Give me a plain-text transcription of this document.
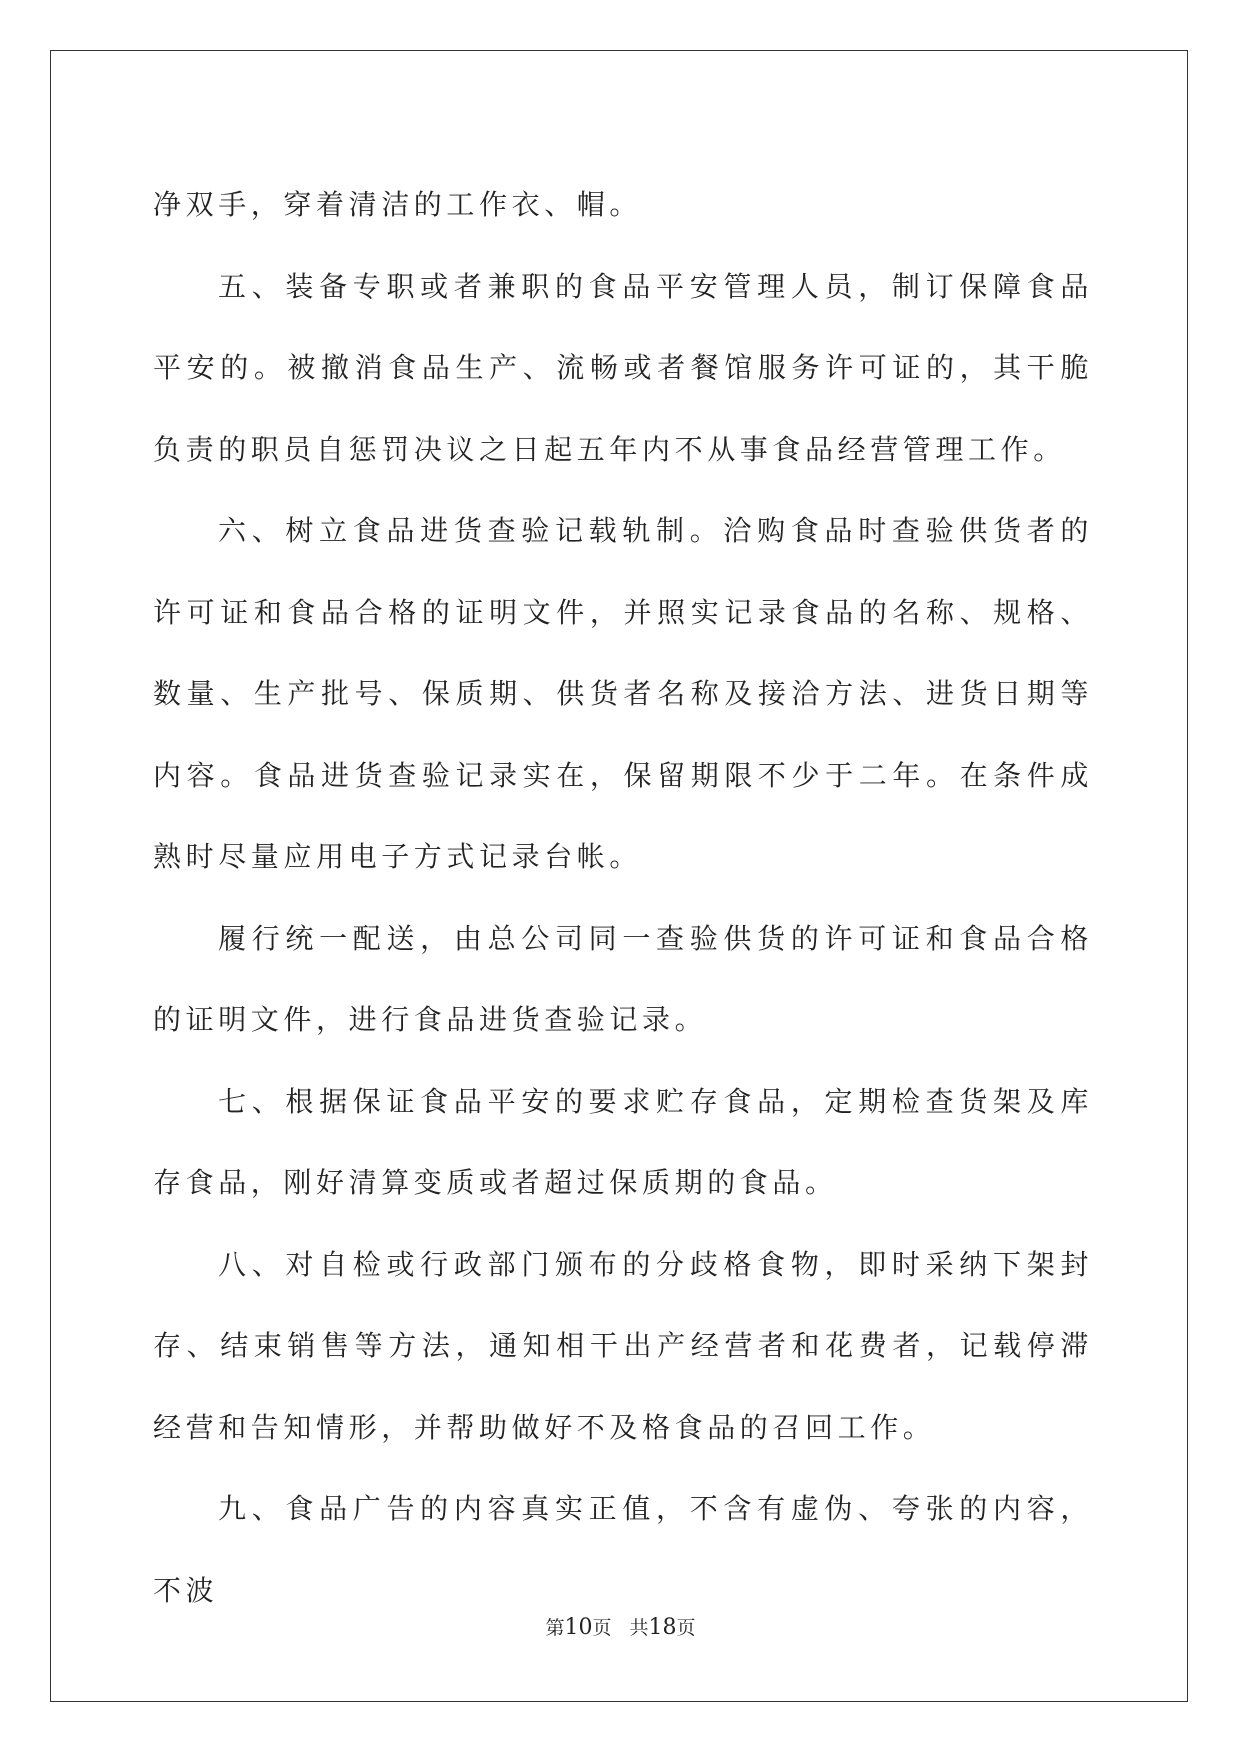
净双手，穿着清洁的工作衣、帽。

五、装备专职或者兼职的食品平安管理人员，制订保障食品平安的。被撤消食品生产、流畅或者餐馆服务许可证的，其干脆负责的职员自惩罚决议之日起五年内不从事食品经营管理工作。

六、树立食品进货查验记载轨制。洽购食品时查验供货者的许可证和食品合格的证明文件，并照实记录食品的名称、规格、数量、生产批号、保质期、供货者名称及接洽方法、进货日期等内容。食品进货查验记录实在，保留期限不少于二年。在条件成熟时尽量应用电子方式记录台帐。

履行统一配送，由总公司同一查验供货的许可证和食品合格的证明文件，进行食品进货查验记录。

七、根据保证食品平安的要求贮存食品，定期检查货架及库存食品，刚好清算变质或者超过保质期的食品。

八、对自检或行政部门颁布的分歧格食物，即时采纳下架封存、结束销售等方法，通知相干出产经营者和花费者，记载停滞经营和告知情形，并帮助做好不及格食品的召回工作。

九、食品广告的内容真实正值，不含有虚伪、夸张的内容，不波

第10页 共18页
